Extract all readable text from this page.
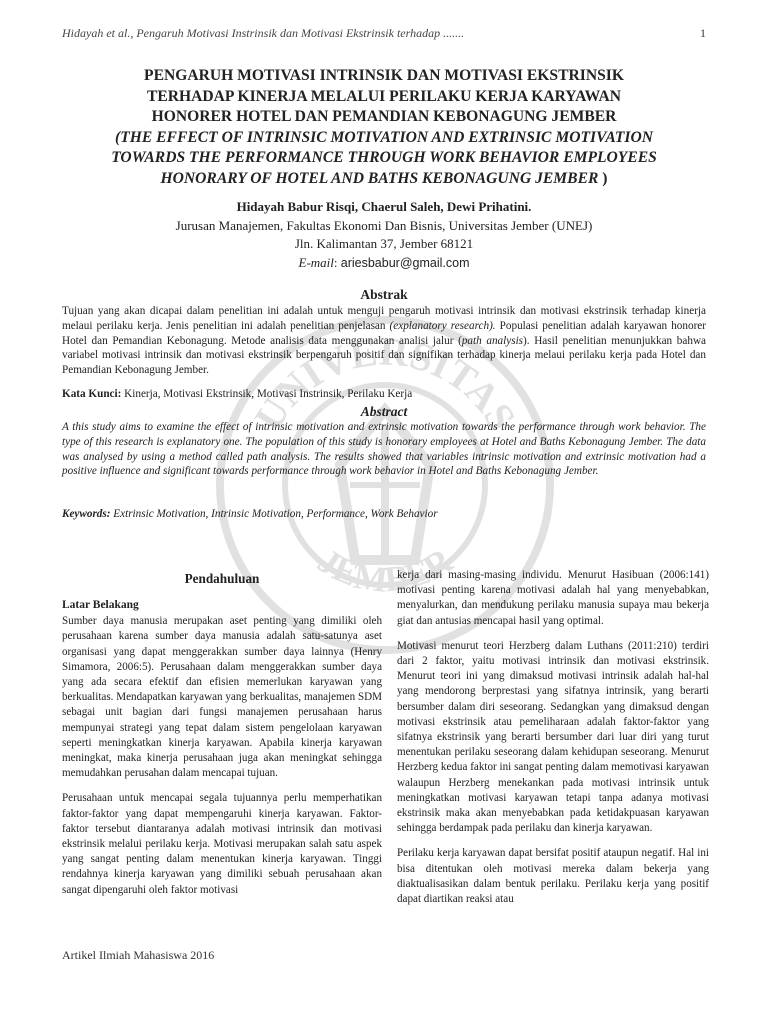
UNIVERSITAS
JEMBER
Hidayah et al., Pengaruh Motivasi Instrinsik dan Motivasi Ekstrinsik terhadap .......	1
PENGARUH MOTIVASI INTRINSIK DAN MOTIVASI EKSTRINSIK
TERHADAP KINERJA MELALUI PERILAKU KERJA KARYAWAN
HONORER HOTEL DAN PEMANDIAN KEBONAGUNG JEMBER
(THE EFFECT OF INTRINSIC MOTIVATION AND EXTRINSIC MOTIVATION
TOWARDS THE PERFORMANCE THROUGH WORK BEHAVIOR EMPLOYEES
HONORARY OF HOTEL AND BATHS KEBONAGUNG JEMBER )
Hidayah Babur Risqi, Chaerul Saleh, Dewi Prihatini.
Jurusan Manajemen, Fakultas Ekonomi Dan Bisnis, Universitas Jember (UNEJ)
Jln. Kalimantan 37, Jember 68121
E-mail: ariesbabur@gmail.com
Abstrak
Tujuan yang akan dicapai dalam penelitian ini adalah untuk menguji pengaruh motivasi intrinsik dan motivasi ekstrinsik terhadap kinerja melaui perilaku kerja. Jenis penelitian ini adalah penelitian penjelasan (explanatory research). Populasi penelitian adalah karyawan honorer Hotel dan Pemandian Kebonagung. Metode analisis data menggunakan analisi jalur (path analysis). Hasil penelitian menunjukkan bahwa variabel motivasi intrinsik dan motivasi ekstrinsik berpengaruh positif dan signifikan terhadap kinerja melaui perilaku kerja pada Hotel dan Pemandian Kebonagung Jember.
Kata Kunci: Kinerja, Motivasi Ekstrinsik, Motivasi Instrinsik, Perilaku Kerja
Abstract
A this study aims to examine the effect of intrinsic motivation and extrinsic motivation towards the performance through work behavior. The type of this research is explanatory one. The population of this study is honorary employees at Hotel and Baths Kebonagung Jember. The data was analysed by using a method called path analysis. The results showed that variables intrinsic motivation and extrinsic motivation had a positive influence and significant towards performance through work behavior in Hotel and Baths Kebonagung Jember.
Keywords: Extrinsic Motivation, Intrinsic Motivation, Performance, Work Behavior
Pendahuluan
Latar Belakang

Sumber daya manusia merupakan aset penting yang dimiliki oleh perusahaan karena sumber daya manusia adalah satu-satunya aset organisasi yang dapat menggerakkan sumber daya lainnya (Henry Simamora, 2006:5). Perusahaan dalam menggerakkan sumber daya yang ada secara efektif dan efisien memerlukan karyawan yang berkualitas. Mendapatkan karyawan yang berkualitas, manajemen SDM sebagai unit bagian dari fungsi manajemen perusahaan harus mempunyai strategi yang tepat dalam sistem pengelolaan karyawan seperti meningkatkan kinerja karyawan. Apabila kinerja karyawan meningkat, maka kinerja perusahaan juga akan meningkat sehingga memudahkan perusahan dalam mencapai tujuan.

Perusahaan untuk mencapai segala tujuannya perlu memperhatikan faktor-faktor yang dapat mempengaruhi kinerja karyawan. Faktor- faktor tersebut diantaranya adalah motivasi intrinsik dan motivasi ekstrinsik melalui perilaku kerja. Motivasi merupakan salah satu aspek yang sangat penting dalam menentukan kinerja karyawan. Tinggi rendahnya kinerja karyawan yang dimiliki sebuah perusahaan akan sangat dipengaruhi oleh faktor motivasi

kerja dari masing-masing individu. Menurut Hasibuan (2006:141) motivasi penting karena motivasi adalah hal yang menyebabkan, menyalurkan, dan mendukung perilaku manusia supaya mau bekerja giat dan antusias mencapai hasil yang optimal.

Motivasi menurut teori Herzberg dalam Luthans (2011:210) terdiri dari 2 faktor, yaitu motivasi intrinsik dan motivasi ekstrinsik. Menurut teori ini yang dimaksud motivasi intrinsik adalah hal-hal yang mendorong berprestasi yang sifatnya intrinsik, yang berarti bersumber dalam diri seseorang. Sedangkan yang dimaksud dengan motivasi ekstrinsik atau pemeliharaan adalah faktor-faktor yang sifatnya ekstrinsik yang berarti bersumber dari luar diri yang turut menentukan perilaku seseorang dalam kehidupan seseorang. Menurut Herzberg kedua faktor ini sangat penting dalam memotivasi karyawan walaupun Herzberg menekankan pada motivasi intrinsik untuk meningkatkan motivasi karyawan tetapi tanpa adanya motivasi ekstrinsik maka akan menyebabkan pada ketidakpuasan karyawan sehingga berdampak pada perilaku dan kinerja karyawan.

Perilaku kerja karyawan dapat bersifat positif ataupun negatif. Hal ini bisa ditentukan oleh motivasi mereka dalam bekerja yang diaktualisasikan dalam bentuk perilaku. Perilaku kerja yang positif dapat diartikan reaksi atau

Artikel Ilmiah Mahasiswa 2016
